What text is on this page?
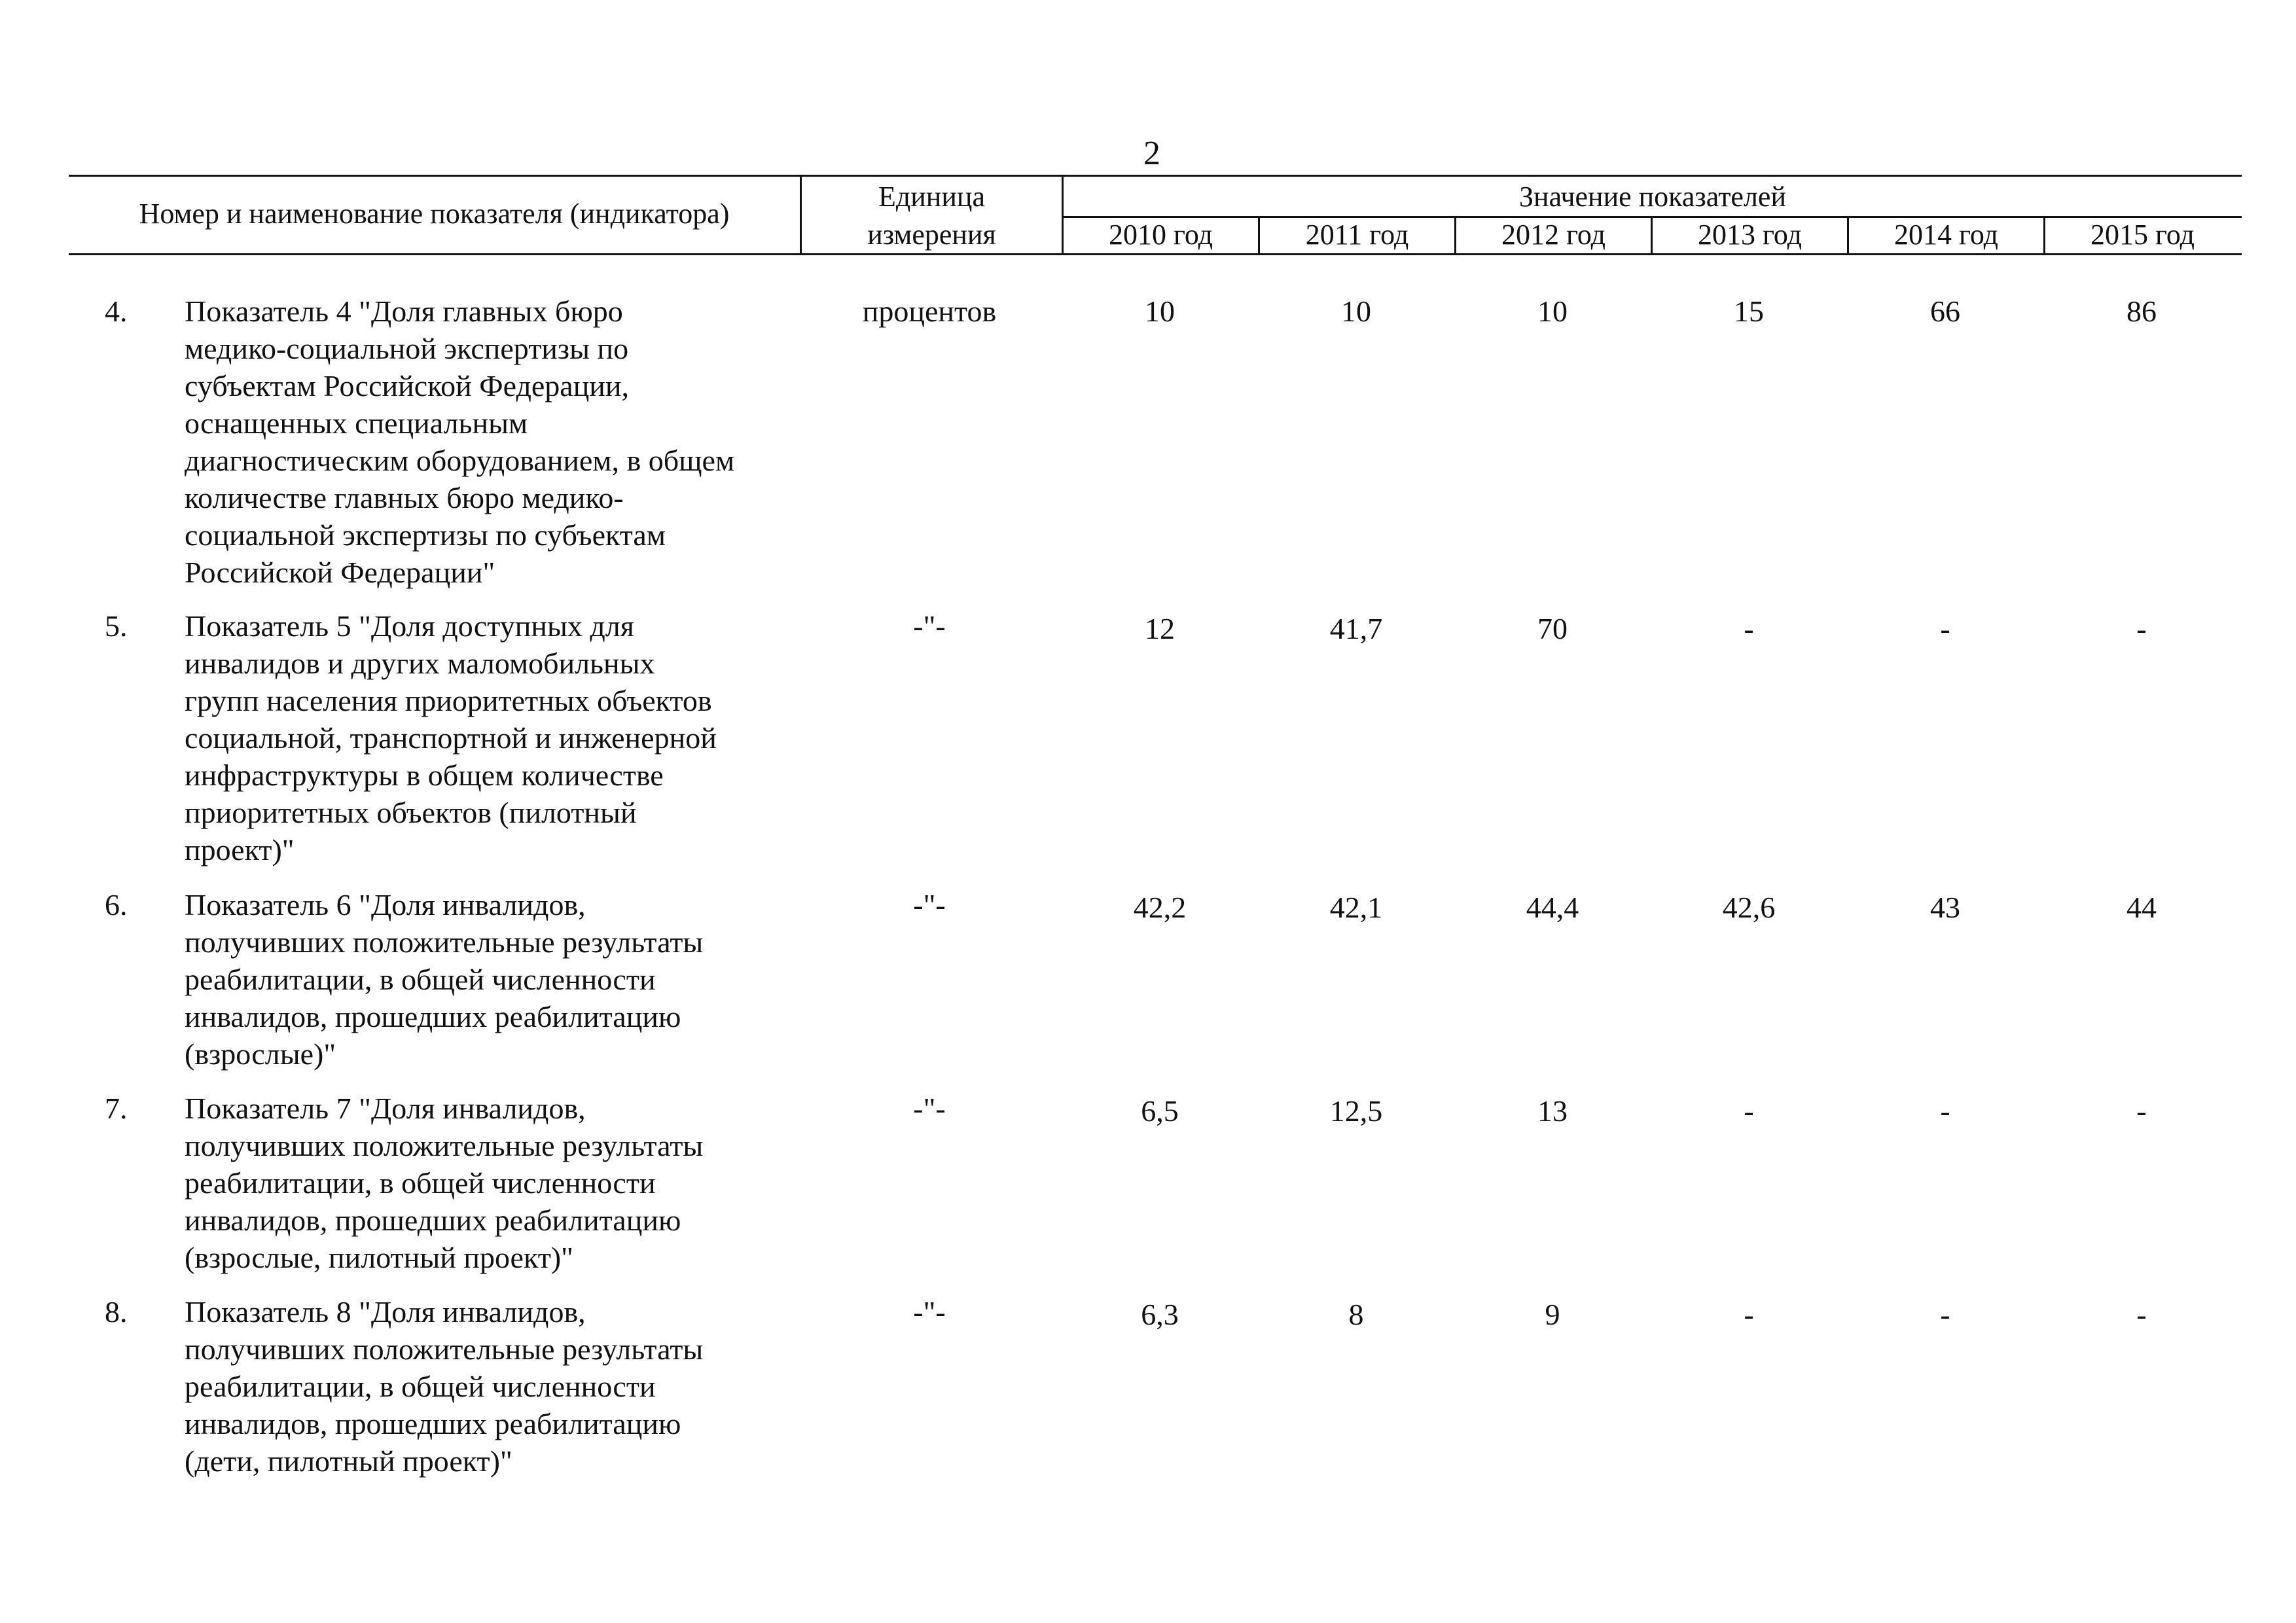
2
Номер и наименование показателя (индикатора)
Единица
измерения
Значение показателей
2010 год	2011 год	2012 год	2013 год	2014 год	2015 год
4. Показатель 4 "Доля главных бюро
медико-социальной экспертизы по
субъектам Российской Федерации,
оснащенных специальным
диагностическим оборудованием, в общем
количестве главных бюро медико-
социальной экспертизы по субъектам
Российской Федерации"
процентов	10	10	10	15	66	86
5. Показатель 5 "Доля доступных для
инвалидов и других маломобильных
групп населения приоритетных объектов
социальной, транспортной и инженерной
инфраструктуры в общем количестве
приоритетных объектов (пилотный
проект)"
-"-	12	41,7	70	-	-	-
6. Показатель 6 "Доля инвалидов,
получивших положительные результаты
реабилитации, в общей численности
инвалидов, прошедших реабилитацию
(взрослые)"
-"-	42,2	42,1	44,4	42,6	43	44
7. Показатель 7 "Доля инвалидов,
получивших положительные результаты
реабилитации, в общей численности
инвалидов, прошедших реабилитацию
(взрослые, пилотный проект)"
-"-	6,5	12,5	13	-	-	-
8. Показатель 8 "Доля инвалидов,
получивших положительные результаты
реабилитации, в общей численности
инвалидов, прошедших реабилитацию
(дети, пилотный проект)"
-"-	6,3	8	9	-	-	-
